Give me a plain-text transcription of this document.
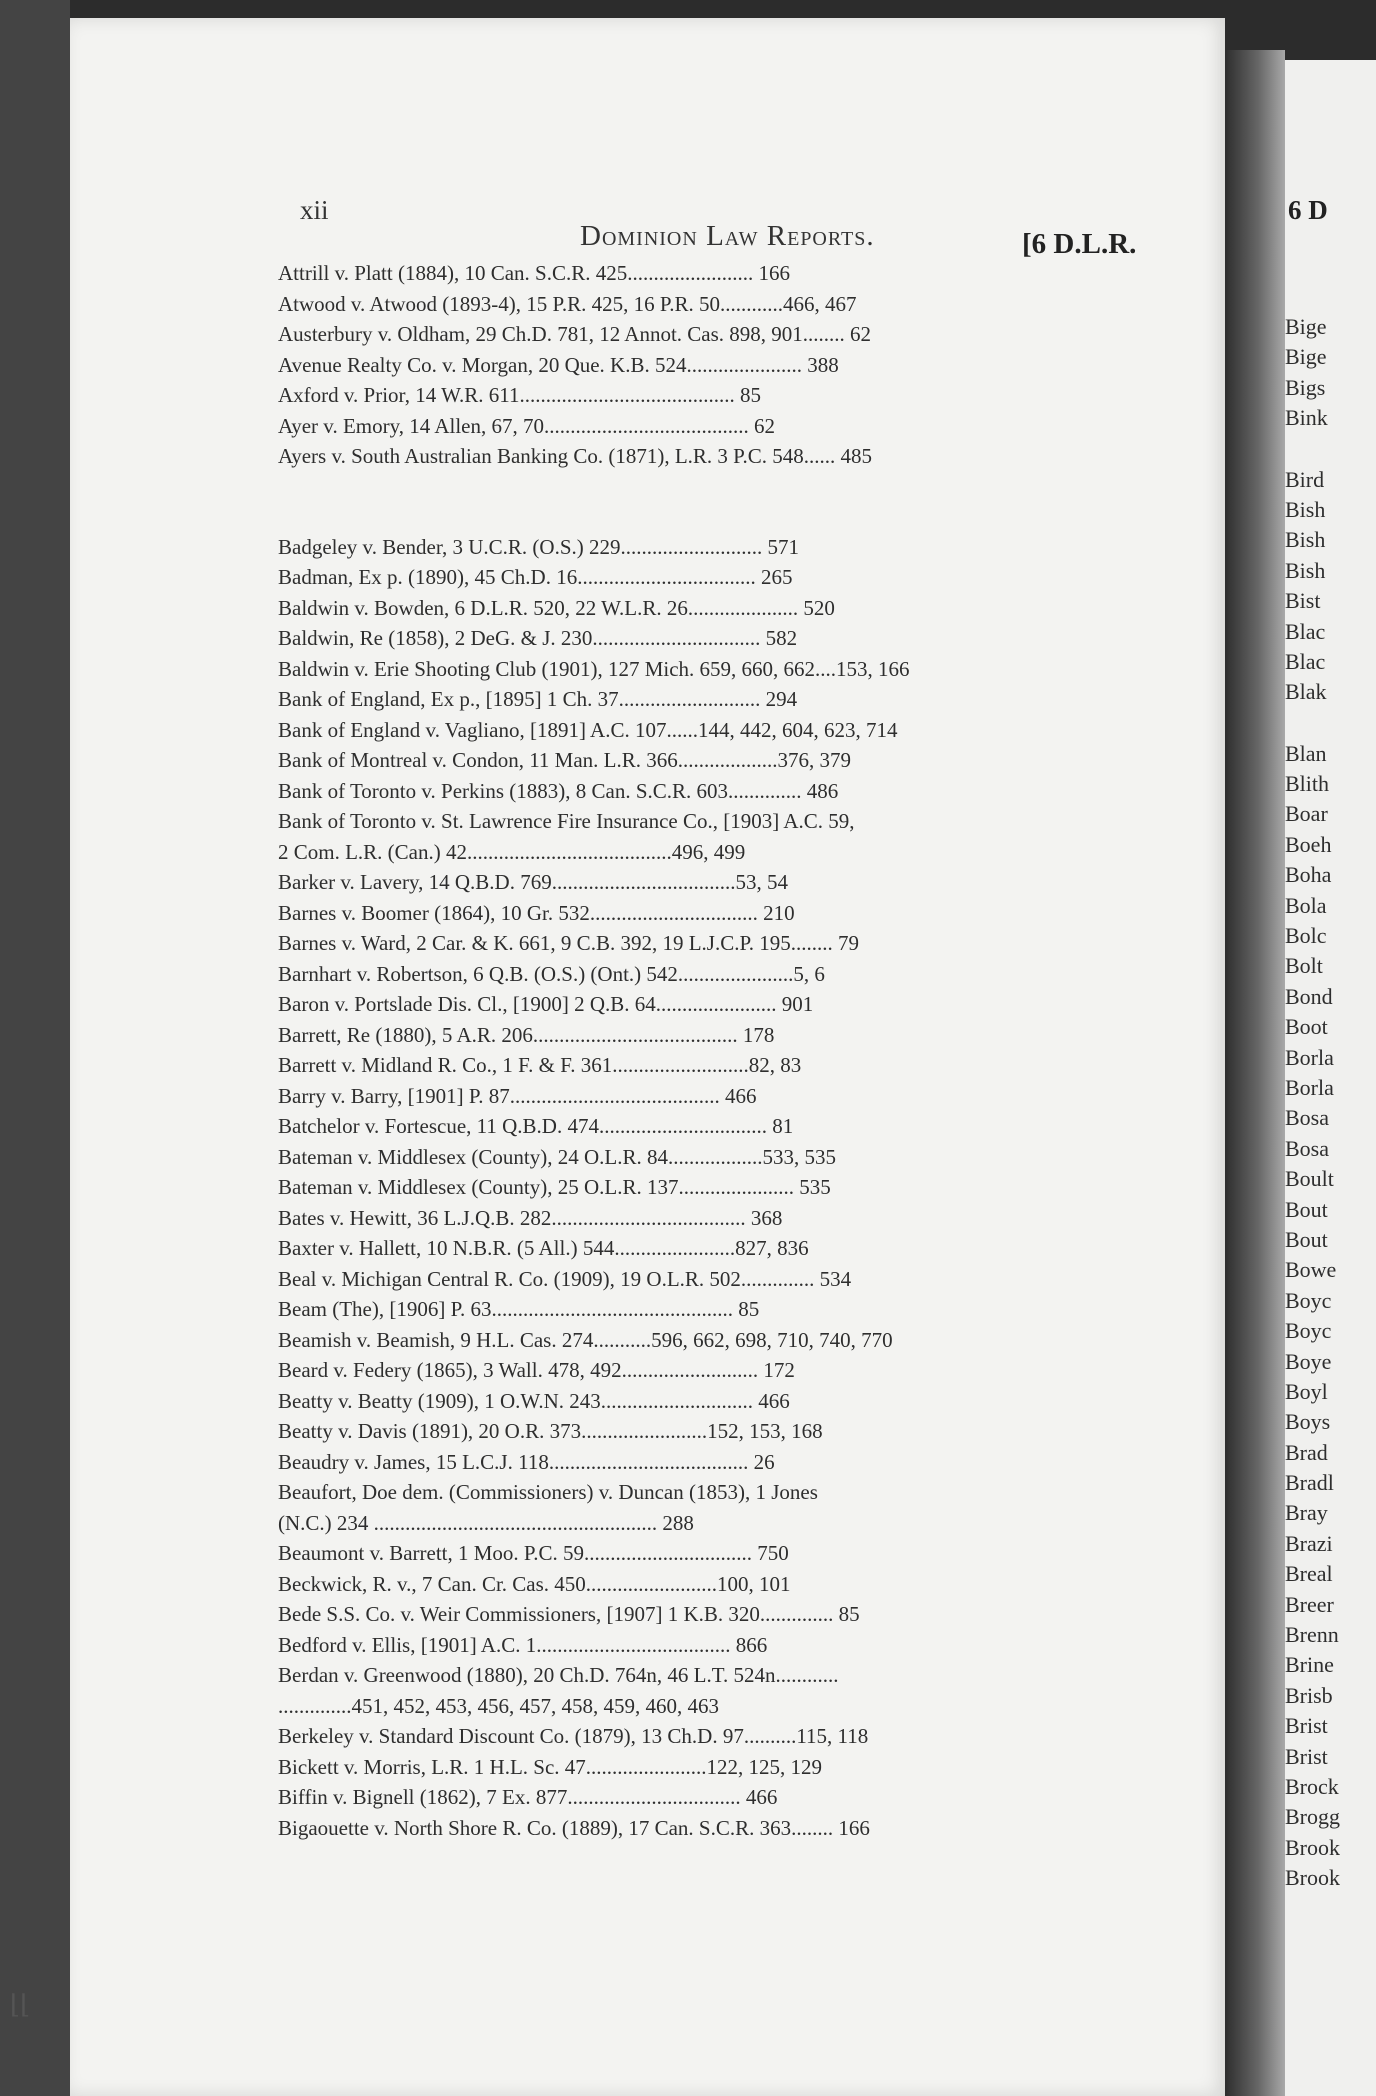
6 D
Bige
Bige
Bigs
Bink
Bird
Bish
Bish
Bish
Bist
Blac
Blac
Blak
Blan
Blith
Boar
Boeh
Boha
Bola
Bolc
Bolt
Bond
Boot
Borla
Borla
Bosa
Bosa
Boult
Bout
Bout
Bowe
Boyc
Boyc
Boye
Boyl
Boys
Brad
Bradl
Bray
Brazi
Breal
Breer
Brenn
Brine
Brisb
Brist
Brist
Brock
Brogg
Brook
Brook
xii
Dominion Law Reports.	[6 D.L.R.
Attrill v. Platt (1884), 10 Can. S.C.R. 425........................ 166
Atwood v. Atwood (1893-4), 15 P.R. 425, 16 P.R. 50............466, 467
Austerbury v. Oldham, 29 Ch.D. 781, 12 Annot. Cas. 898, 901........ 62
Avenue Realty Co. v. Morgan, 20 Que. K.B. 524...................... 388
Axford v. Prior, 14 W.R. 611......................................... 85
Ayer v. Emory, 14 Allen, 67, 70....................................... 62
Ayers v. South Australian Banking Co. (1871), L.R. 3 P.C. 548...... 485
Badgeley v. Bender, 3 U.C.R. (O.S.) 229........................... 571
Badman, Ex p. (1890), 45 Ch.D. 16.................................. 265
Baldwin v. Bowden, 6 D.L.R. 520, 22 W.L.R. 26..................... 520
Baldwin, Re (1858), 2 DeG. & J. 230................................ 582
Baldwin v. Erie Shooting Club (1901), 127 Mich. 659, 660, 662....153, 166
Bank of England, Ex p., [1895] 1 Ch. 37........................... 294
Bank of England v. Vagliano, [1891] A.C. 107......144, 442, 604, 623, 714
Bank of Montreal v. Condon, 11 Man. L.R. 366...................376, 379
Bank of Toronto v. Perkins (1883), 8 Can. S.C.R. 603.............. 486
Bank of Toronto v. St. Lawrence Fire Insurance Co., [1903] A.C. 59,
2 Com. L.R. (Can.) 42.......................................496, 499
Barker v. Lavery, 14 Q.B.D. 769...................................53, 54
Barnes v. Boomer (1864), 10 Gr. 532................................ 210
Barnes v. Ward, 2 Car. & K. 661, 9 C.B. 392, 19 L.J.C.P. 195........ 79
Barnhart v. Robertson, 6 Q.B. (O.S.) (Ont.) 542......................5, 6
Baron v. Portslade Dis. Cl., [1900] 2 Q.B. 64....................... 901
Barrett, Re (1880), 5 A.R. 206....................................... 178
Barrett v. Midland R. Co., 1 F. & F. 361..........................82, 83
Barry v. Barry, [1901] P. 87........................................ 466
Batchelor v. Fortescue, 11 Q.B.D. 474................................ 81
Bateman v. Middlesex (County), 24 O.L.R. 84..................533, 535
Bateman v. Middlesex (County), 25 O.L.R. 137...................... 535
Bates v. Hewitt, 36 L.J.Q.B. 282..................................... 368
Baxter v. Hallett, 10 N.B.R. (5 All.) 544.......................827, 836
Beal v. Michigan Central R. Co. (1909), 19 O.L.R. 502.............. 534
Beam (The), [1906] P. 63.............................................. 85
Beamish v. Beamish, 9 H.L. Cas. 274...........596, 662, 698, 710, 740, 770
Beard v. Federy (1865), 3 Wall. 478, 492.......................... 172
Beatty v. Beatty (1909), 1 O.W.N. 243............................. 466
Beatty v. Davis (1891), 20 O.R. 373........................152, 153, 168
Beaudry v. James, 15 L.C.J. 118...................................... 26
Beaufort, Doe dem. (Commissioners) v. Duncan (1853), 1 Jones
(N.C.) 234 ...................................................... 288
Beaumont v. Barrett, 1 Moo. P.C. 59................................ 750
Beckwick, R. v., 7 Can. Cr. Cas. 450.........................100, 101
Bede S.S. Co. v. Weir Commissioners, [1907] 1 K.B. 320.............. 85
Bedford v. Ellis, [1901] A.C. 1..................................... 866
Berdan v. Greenwood (1880), 20 Ch.D. 764n, 46 L.T. 524n............
..............451, 452, 453, 456, 457, 458, 459, 460, 463
Berkeley v. Standard Discount Co. (1879), 13 Ch.D. 97..........115, 118
Bickett v. Morris, L.R. 1 H.L. Sc. 47.......................122, 125, 129
Biffin v. Bignell (1862), 7 Ex. 877................................. 466
Bigaouette v. North Shore R. Co. (1889), 17 Can. S.C.R. 363........ 166
⌊⌊
